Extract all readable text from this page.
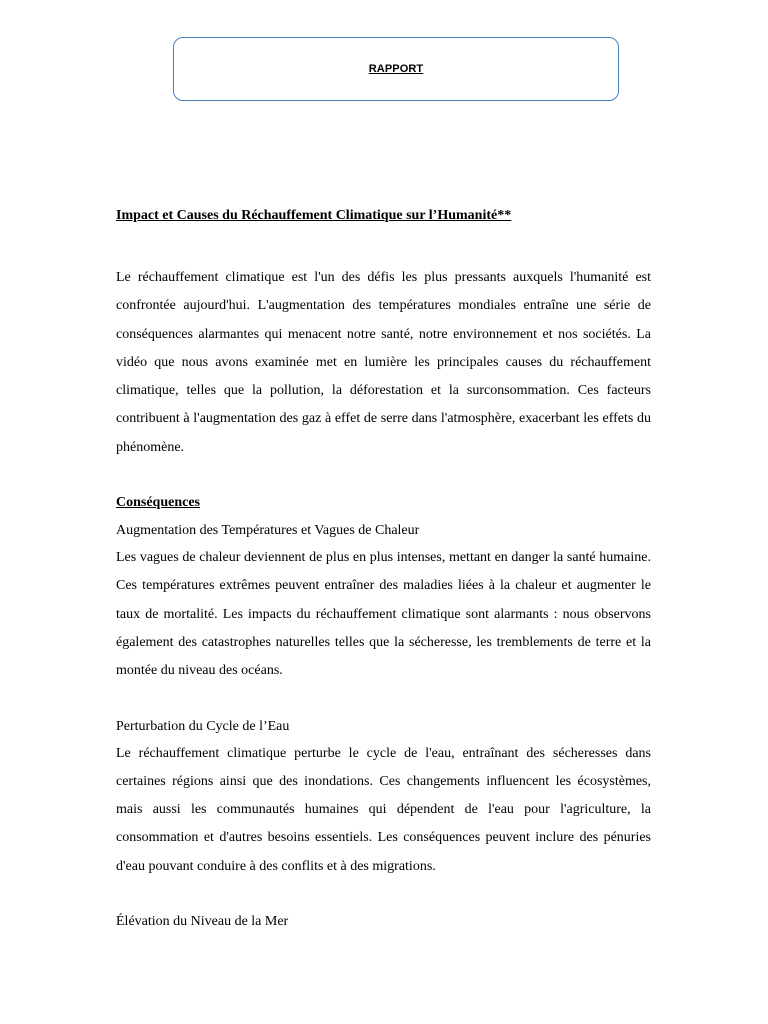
RAPPORT

Impact et Causes du Réchauffement Climatique sur l’Humanité**

Le réchauffement climatique est l'un des défis les plus pressants auxquels l'humanité est confrontée aujourd'hui. L'augmentation des températures mondiales entraîne une série de conséquences alarmantes qui menacent notre santé, notre environnement et nos sociétés. La vidéo que nous avons examinée met en lumière les principales causes du réchauffement climatique, telles que la pollution, la déforestation et la surconsommation. Ces facteurs contribuent à l'augmentation des gaz à effet de serre dans l'atmosphère, exacerbant les effets du phénomène.

Conséquences

Augmentation des Températures et Vagues de Chaleur

Les vagues de chaleur deviennent de plus en plus intenses, mettant en danger la santé humaine. Ces températures extrêmes peuvent entraîner des maladies liées à la chaleur et augmenter le taux de mortalité. Les impacts du réchauffement climatique sont alarmants : nous observons également des catastrophes naturelles telles que la sécheresse, les tremblements de terre et la montée du niveau des océans.

Perturbation du Cycle de l’Eau

Le réchauffement climatique perturbe le cycle de l'eau, entraînant des sécheresses dans certaines régions ainsi que des inondations. Ces changements influencent les écosystèmes, mais aussi les communautés humaines qui dépendent de l'eau pour l'agriculture, la consommation et d'autres besoins essentiels. Les conséquences peuvent inclure des pénuries d'eau pouvant conduire à des conflits et à des migrations.

Élévation du Niveau de la Mer
